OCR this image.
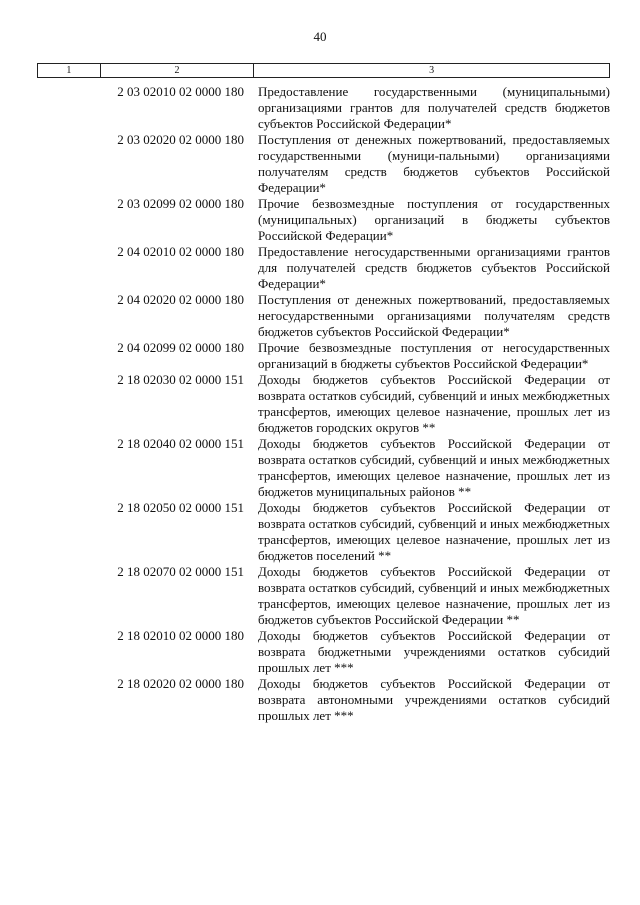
40
1	2	3
2 03 02010 02 0000 180	Предоставление государственными (муниципальными) организациями грантов для получателей средств бюджетов субъектов Российской Федерации*
2 03 02020 02 0000 180	Поступления от денежных пожертвований, предоставляемых государственными (муници-пальными) организациями получателям средств бюджетов субъектов Российской Федерации*
2 03 02099 02 0000 180	Прочие безвозмездные поступления от государственных (муниципальных) организаций в бюджеты субъектов Российской Федерации*
2 04 02010 02 0000 180	Предоставление негосударственными организациями грантов для получателей средств бюджетов субъектов Российской Федерации*
2 04 02020 02 0000 180	Поступления от денежных пожертвований, предоставляемых негосударственными организациями получателям средств бюджетов субъектов Российской Федерации*
2 04 02099 02 0000 180	Прочие безвозмездные поступления от негосударственных организаций в бюджеты субъектов Российской Федерации*
2 18 02030 02 0000 151	Доходы бюджетов субъектов Российской Федерации от возврата остатков субсидий, субвенций и иных межбюджетных трансфертов, имеющих целевое назначение, прошлых лет из бюджетов городских округов **
2 18 02040 02 0000 151	Доходы бюджетов субъектов Российской Федерации от возврата остатков субсидий, субвенций и иных межбюджетных трансфертов, имеющих целевое назначение, прошлых лет из бюджетов муниципальных районов **
2 18 02050 02 0000 151	Доходы бюджетов субъектов Российской Федерации от возврата остатков субсидий, субвенций и иных межбюджетных трансфертов, имеющих целевое назначение, прошлых лет из бюджетов поселений **
2 18 02070 02 0000 151	Доходы бюджетов субъектов Российской Федерации от возврата остатков субсидий, субвенций и иных межбюджетных трансфертов, имеющих целевое назначение, прошлых лет из бюджетов субъектов Российской Федерации **
2 18 02010 02 0000 180	Доходы бюджетов субъектов Российской Федерации от возврата бюджетными учреждениями остатков субсидий прошлых лет ***
2 18 02020 02 0000 180	Доходы бюджетов субъектов Российской Федерации от возврата автономными учреждениями остатков субсидий прошлых лет ***
